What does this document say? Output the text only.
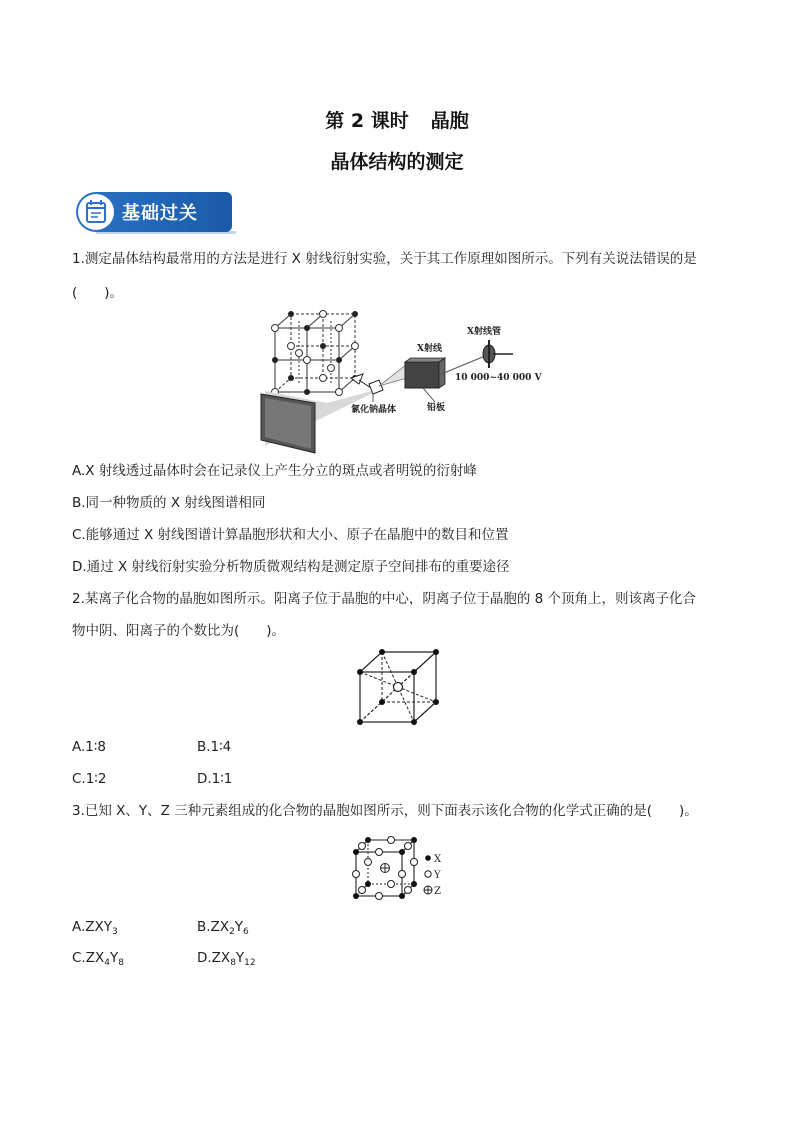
第 2 课时 晶胞
晶体结构的测定
基础过关
1.测定晶体结构最常用的方法是进行 X 射线衍射实验，关于其工作原理如图所示。下列有关说法错误的是
(　　)。
X射线管
X射线
10 000~40 000 V
氯化钠晶体	铅板
A.X 射线透过晶体时会在记录仪上产生分立的斑点或者明锐的衍射峰
B.同一种物质的 X 射线图谱相同
C.能够通过 X 射线图谱计算晶胞形状和大小、原子在晶胞中的数目和位置
D.通过 X 射线衍射实验分析物质微观结构是测定原子空间排布的重要途径
2.某离子化合物的晶胞如图所示。阳离子位于晶胞的中心，阴离子位于晶胞的 8 个顶角上，则该离子化合
物中阴、阳离子的个数比为(　　)。
A.1∶8	B.1∶4
C.1∶2	D.1∶1
3.已知 X、Y、Z 三种元素组成的化合物的晶胞如图所示，则下面表示该化合物的化学式正确的是(　　)。
X
Y
Z
$A.ZXY_3$	$B.ZX_2Y_6$
$C.ZX_4Y_8$	$D.ZX_8Y_{12}$
